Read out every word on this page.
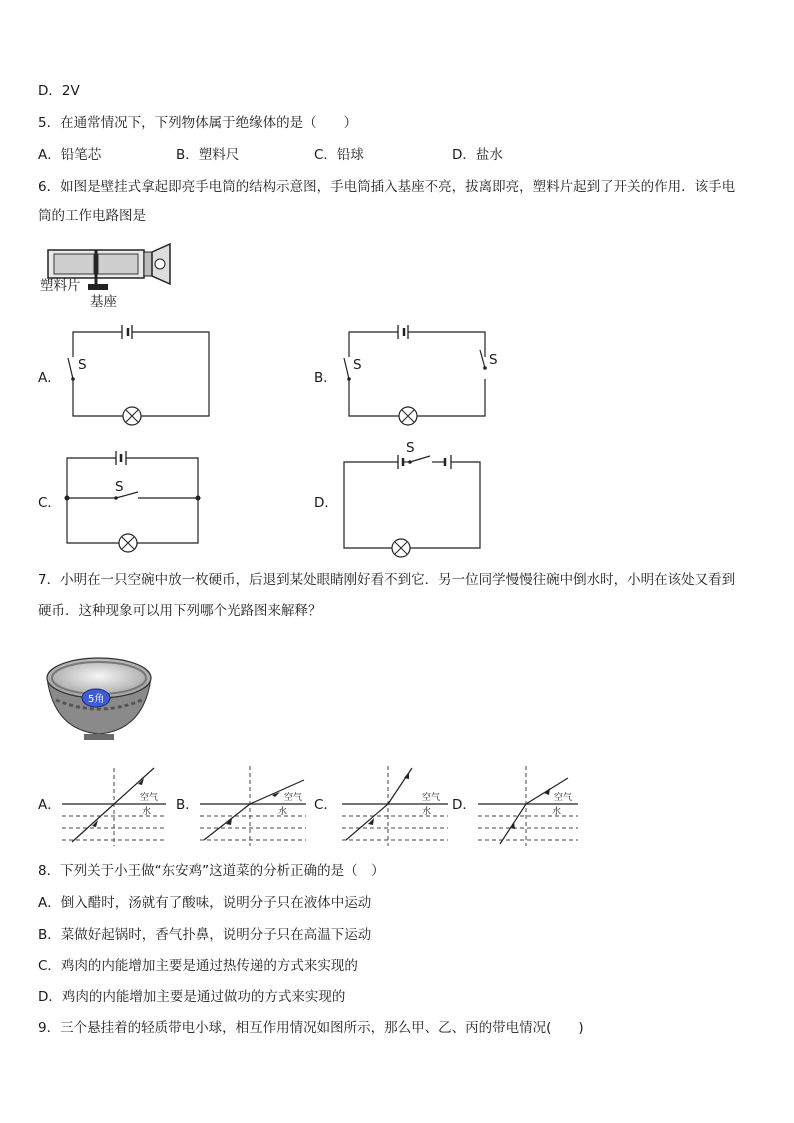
D．2V
5．在通常情况下，下列物体属于绝缘体的是（　　）
A．铅笔芯	B．塑料尺	C．铅球	D．盐水
6．如图是壁挂式拿起即亮手电筒的结构示意图，手电筒插入基座不亮，拔离即亮，塑料片起到了开关的作用．该手电
筒的工作电路图是
塑料片
基座
A．
S
B．
S	S
C．
S
D．
S
7．小明在一只空碗中放一枚硬币，后退到某处眼睛刚好看不到它．另一位同学慢慢往碗中倒水时，小明在该处又看到
硬币．这种现象可以用下列哪个光路图来解释？
5角
A．	空气
水 B．	空气
水 C．	空气
水 D．	空气
水
8．下列关于小王做“东安鸡”这道菜的分析正确的是（　）
A．倒入醋时，汤就有了酸味，说明分子只在液体中运动
B．菜做好起锅时，香气扑鼻，说明分子只在高温下运动
C．鸡肉的内能增加主要是通过热传递的方式来实现的
D．鸡肉的内能增加主要是通过做功的方式来实现的
9．三个悬挂着的轻质带电小球，相互作用情况如图所示，那么甲、乙、丙的带电情况(　　)
